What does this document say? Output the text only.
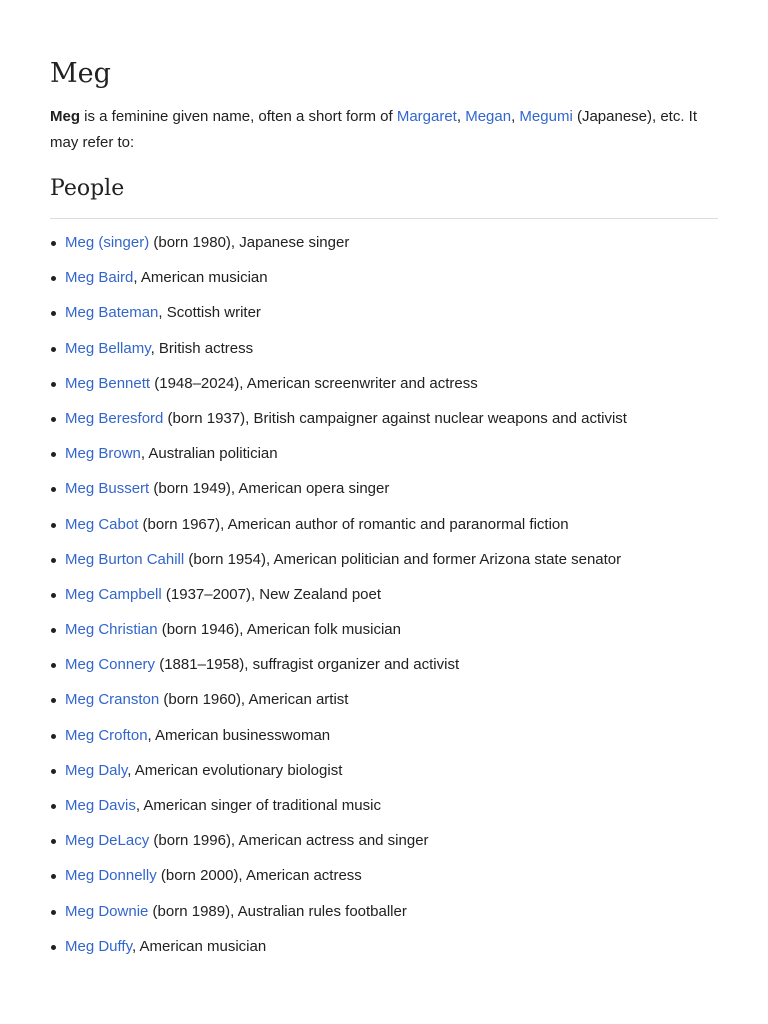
Meg

Meg is a feminine given name, often a short form of Margaret, Megan, Megumi (Japanese), etc. It may refer to:

People
Meg (singer) (born 1980), Japanese singer
Meg Baird, American musician
Meg Bateman, Scottish writer
Meg Bellamy, British actress
Meg Bennett (1948–2024), American screenwriter and actress
Meg Beresford (born 1937), British campaigner against nuclear weapons and activist
Meg Brown, Australian politician
Meg Bussert (born 1949), American opera singer
Meg Cabot (born 1967), American author of romantic and paranormal fiction
Meg Burton Cahill (born 1954), American politician and former Arizona state senator
Meg Campbell (1937–2007), New Zealand poet
Meg Christian (born 1946), American folk musician
Meg Connery (1881–1958), suffragist organizer and activist
Meg Cranston (born 1960), American artist
Meg Crofton, American businesswoman
Meg Daly, American evolutionary biologist
Meg Davis, American singer of traditional music
Meg DeLacy (born 1996), American actress and singer
Meg Donnelly (born 2000), American actress
Meg Downie (born 1989), Australian rules footballer
Meg Duffy, American musician
